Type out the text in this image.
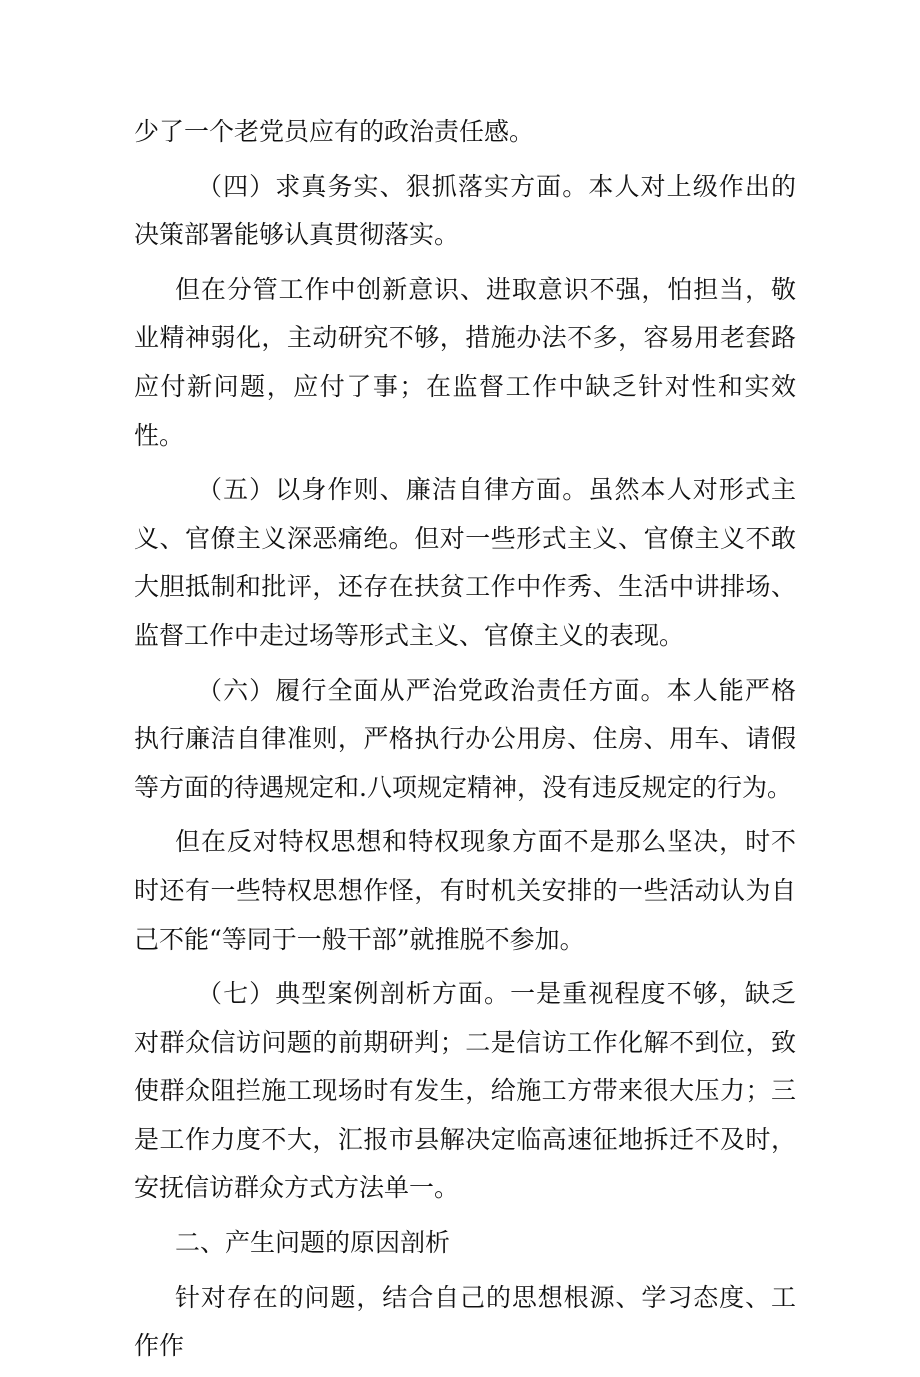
少了一个老党员应有的政治责任感。

（四）求真务实、狠抓落实方面。本人对上级作出的决策部署能够认真贯彻落实。

但在分管工作中创新意识、进取意识不强，怕担当，敬业精神弱化，主动研究不够，措施办法不多，容易用老套路应付新问题，应付了事；在监督工作中缺乏针对性和实效性。

（五）以身作则、廉洁自律方面。虽然本人对形式主义、官僚主义深恶痛绝。但对一些形式主义、官僚主义不敢大胆抵制和批评，还存在扶贫工作中作秀、生活中讲排场、监督工作中走过场等形式主义、官僚主义的表现。

（六）履行全面从严治党政治责任方面。本人能严格执行廉洁自律准则，严格执行办公用房、住房、用车、请假等方面的待遇规定和.八项规定精神，没有违反规定的行为。

但在反对特权思想和特权现象方面不是那么坚决，时不时还有一些特权思想作怪，有时机关安排的一些活动认为自己不能“等同于一般干部”就推脱不参加。

（七）典型案例剖析方面。一是重视程度不够，缺乏对群众信访问题的前期研判；二是信访工作化解不到位，致使群众阻拦施工现场时有发生，给施工方带来很大压力；三是工作力度不大，汇报市县解决定临高速征地拆迁不及时，安抚信访群众方式方法单一。

二、产生问题的原因剖析

针对存在的问题，结合自己的思想根源、学习态度、工作作
